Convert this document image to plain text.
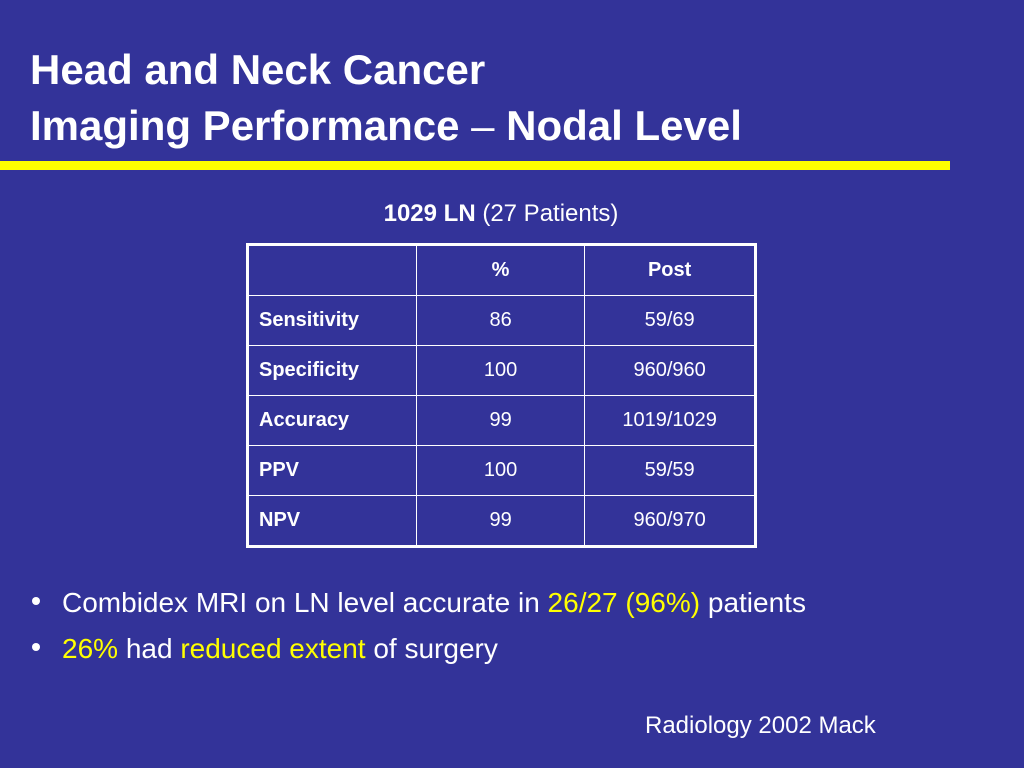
Head and Neck Cancer
Imaging Performance – Nodal Level
1029 LN (27 Patients)
	%	Post
Sensitivity	86	59/69
Specificity	100	960/960
Accuracy	99	1019/1029
PPV	100	59/59
NPV	99	960/970
Combidex MRI on LN level accurate in 26/27 (96%) patients
26% had reduced extent of surgery
Radiology 2002 Mack
